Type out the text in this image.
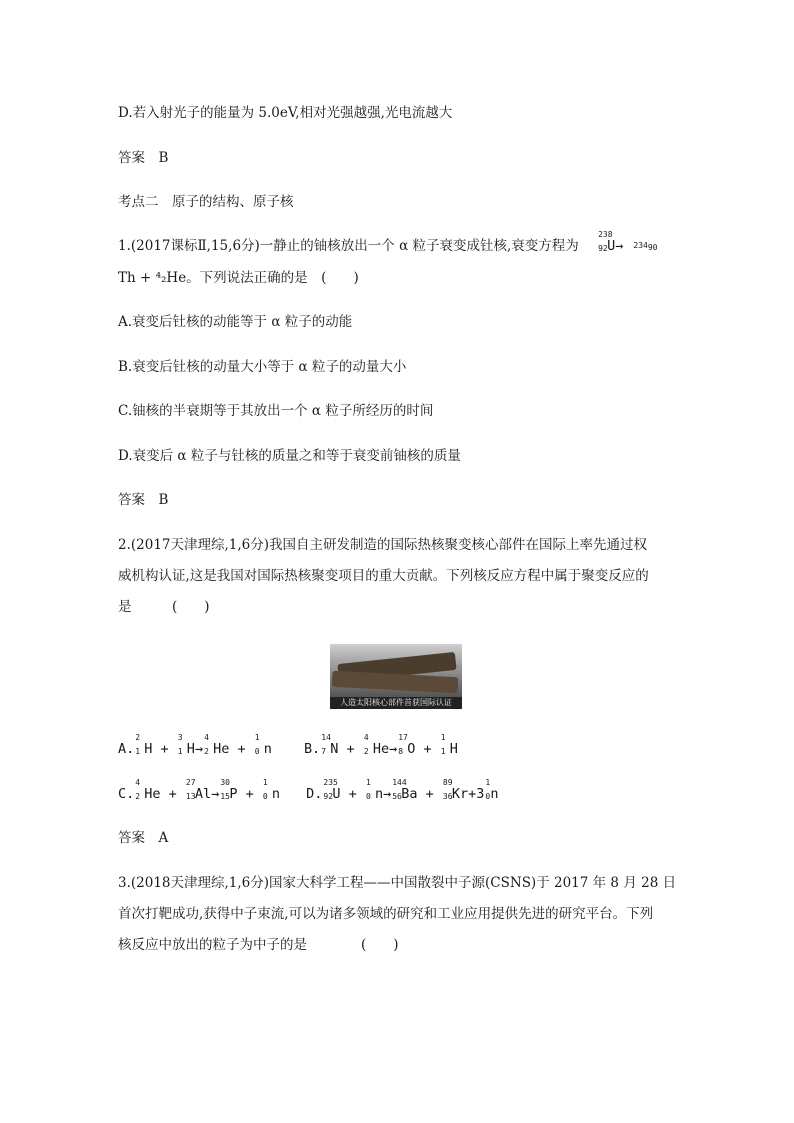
D.若入射光子的能量为 5.0eV,相对光强越强,光电流越大
答案　B
考点二　原子的结构、原子核
1.(2017课标Ⅱ,15,6分)一静止的铀核放出一个 α 粒子衰变成钍核,衰变方程为
238
92 U→ 23490
Th + ⁴₂He。下列说法正确的是　(　　)
A.衰变后钍核的动能等于 α 粒子的动能
B.衰变后钍核的动量大小等于 α 粒子的动量大小
C.铀核的半衰期等于其放出一个 α 粒子所经历的时间
D.衰变后 α 粒子与钍核的质量之和等于衰变前铀核的质量
答案　B
2.(2017天津理综,1,6分)我国自主研发制造的国际热核聚变核心部件在国际上率先通过权
威机构认证,这是我国对国际热核聚变项目的重大贡献。下列核反应方程中属于聚变反应的
是　　　(　　)
人造太阳核心部件首获国际认证
A.
2
1 H +
3
1 H→
4
2 He +
1
0 n B.
14
7 N +
4
2 He→
17
8 O +
1
1 H
C.
4
2 He +
27
13 Al→
30
15 P +
1
0 n D.
235
92 U +
1
0 n→
144
56 Ba +
89
36 Kr+3
1
0 n
答案　A
3.(2018天津理综,1,6分)国家大科学工程——中国散裂中子源(CSNS)于 2017 年 8 月 28 日
首次打靶成功,获得中子束流,可以为诸多领域的研究和工业应用提供先进的研究平台。下列
核反应中放出的粒子为中子的是　　　　(　　)
